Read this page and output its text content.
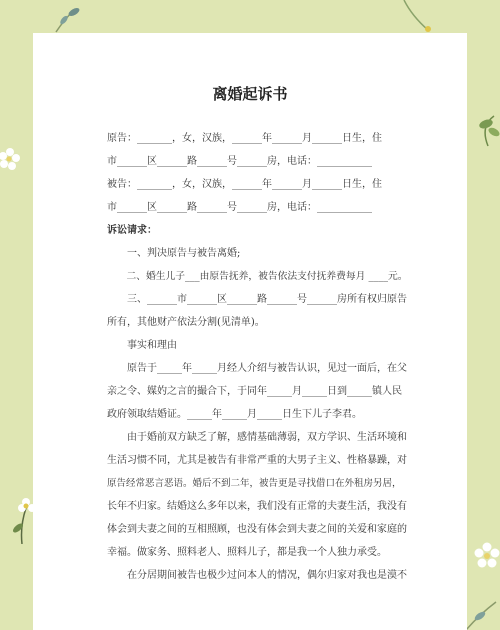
离婚起诉书
原告：_______，女，汉族，______年______月______日生，住
市______区______路______号______房，电话：___________
被告：_______，女，汉族，______年______月______日生，住
市______区______路______号______房，电话：___________
诉讼请求：
　　一、判决原告与被告离婚;
　　二、婚生儿子___由原告抚养，被告依法支付抚养费每月 ____元。
　　三、______市______区______路______号______房所有权归原告
所有，其他财产依法分割(见清单)。
　　事实和理由
　　原告于_____年_____月经人介绍与被告认识，见过一面后，在父
亲之令、媒妁之言的撮合下，于同年_____月_____日到_____镇人民
政府领取结婚证。_____年_____月_____日生下儿子李君。
　　由于婚前双方缺乏了解，感情基础薄弱，双方学识、生活环境和
生活习惯不同，尤其是被告有非常严重的大男子主义、性格暴躁，对
原告经常恶言恶语。婚后不到二年，被告更是寻找借口在外租房另居，
长年不归家。结婚这么多年以来，我们没有正常的夫妻生活，我没有
体会到夫妻之间的互相照顾，也没有体会到夫妻之间的关爱和家庭的
幸福。做家务、照料老人、照料儿子，都是我一个人独力承受。
　　在分居期间被告也极少过问本人的情况，偶尔归家对我也是漠不
